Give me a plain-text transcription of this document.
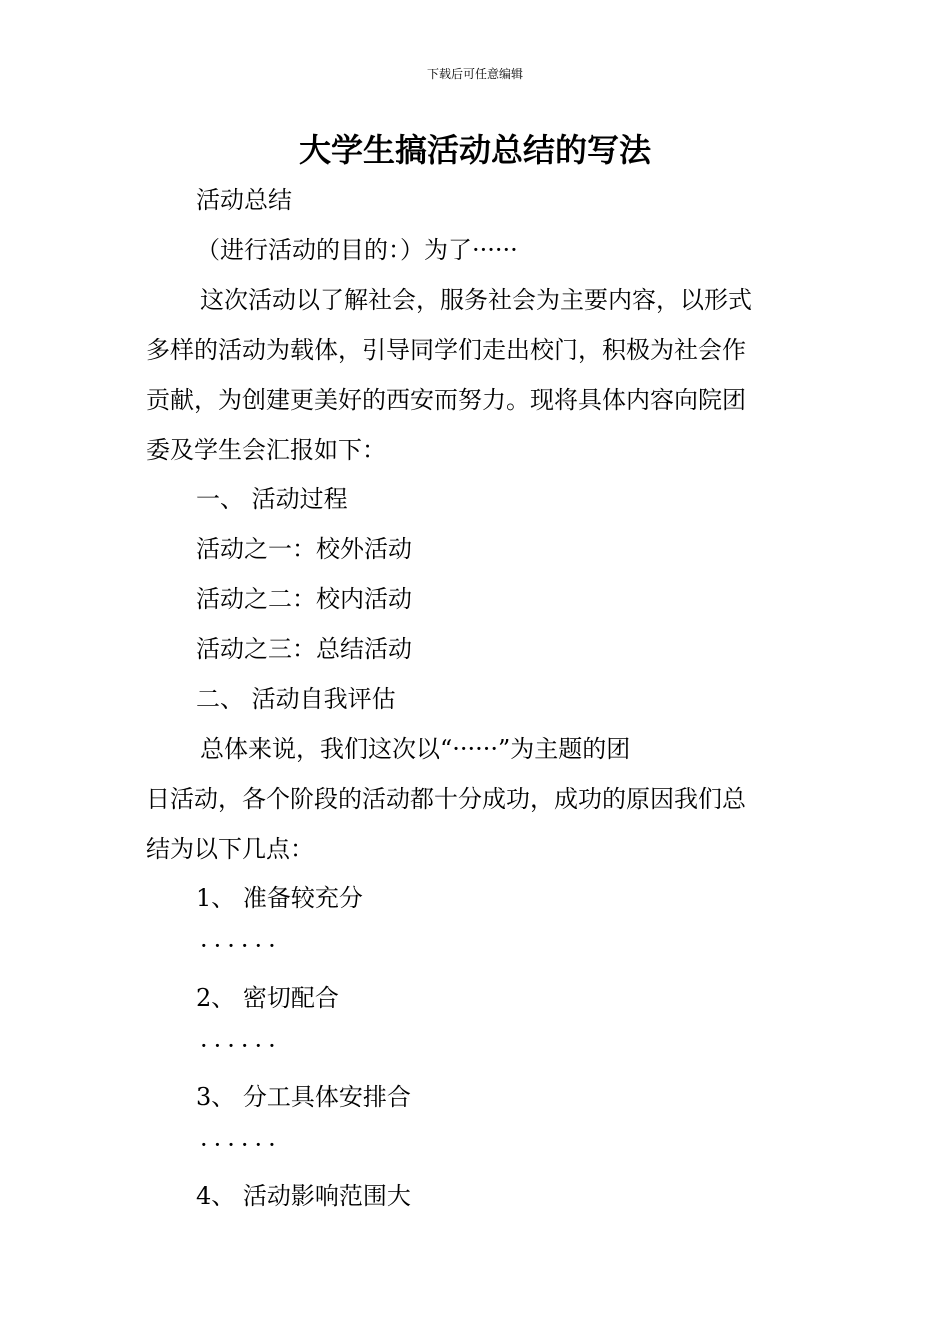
下载后可任意编辑
大学生搞活动总结的写法
活动总结
（进行活动的目的：）为了······
这次活动以了解社会，服务社会为主要内容，以形式
多样的活动为载体，引导同学们走出校门，积极为社会作
贡献，为创建更美好的西安而努力。现将具体内容向院团
委及学生会汇报如下：
一、 活动过程
活动之一：校外活动
活动之二：校内活动
活动之三：总结活动
二、 活动自我评估
总体来说，我们这次以“······”为主题的团
日活动，各个阶段的活动都十分成功，成功的原因我们总
结为以下几点：
1、 准备较充分
······
2、 密切配合
······
3、 分工具体安排合
······
4、 活动影响范围大
